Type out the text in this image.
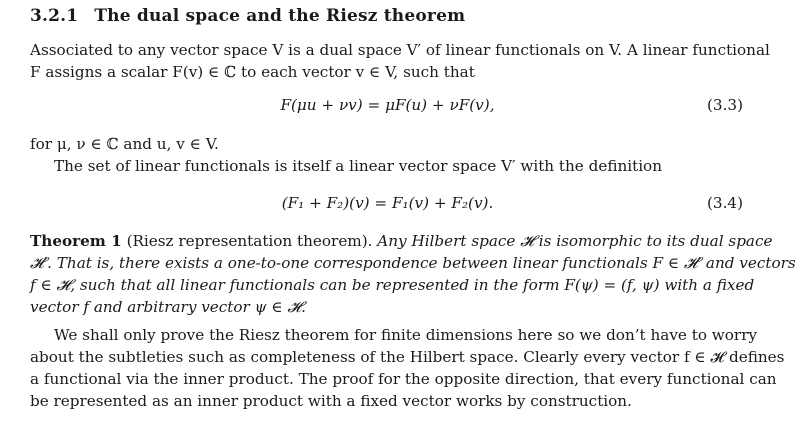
3.2.1 The dual space and the Riesz theorem
Associated to any vector space V is a dual space V′ of linear functionals on V. A linear functional
F assigns a scalar F(v) ∈ ℂ to each vector v ∈ V, such that
F(μu + νv) = μF(u) + νF(v),	(3.3)
for μ, ν ∈ ℂ and u, v ∈ V.
The set of linear functionals is itself a linear vector space V′ with the definition
(F₁ + F₂)(v) = F₁(v) + F₂(v).	(3.4)
Theorem 1 (Riesz representation theorem). Any Hilbert space 𝓗 is isomorphic to its dual space
𝓗′. That is, there exists a one-to-one correspondence between linear functionals F ∈ 𝓗′ and vectors
f ∈ 𝓗, such that all linear functionals can be represented in the form F(ψ) = (f, ψ) with a fixed
vector f and arbitrary vector ψ ∈ 𝓗.
We shall only prove the Riesz theorem for finite dimensions here so we don’t have to worry
about the subtleties such as completeness of the Hilbert space. Clearly every vector f ∈ 𝓗 defines
a functional via the inner product. The proof for the opposite direction, that every functional can
be represented as an inner product with a fixed vector works by construction.
